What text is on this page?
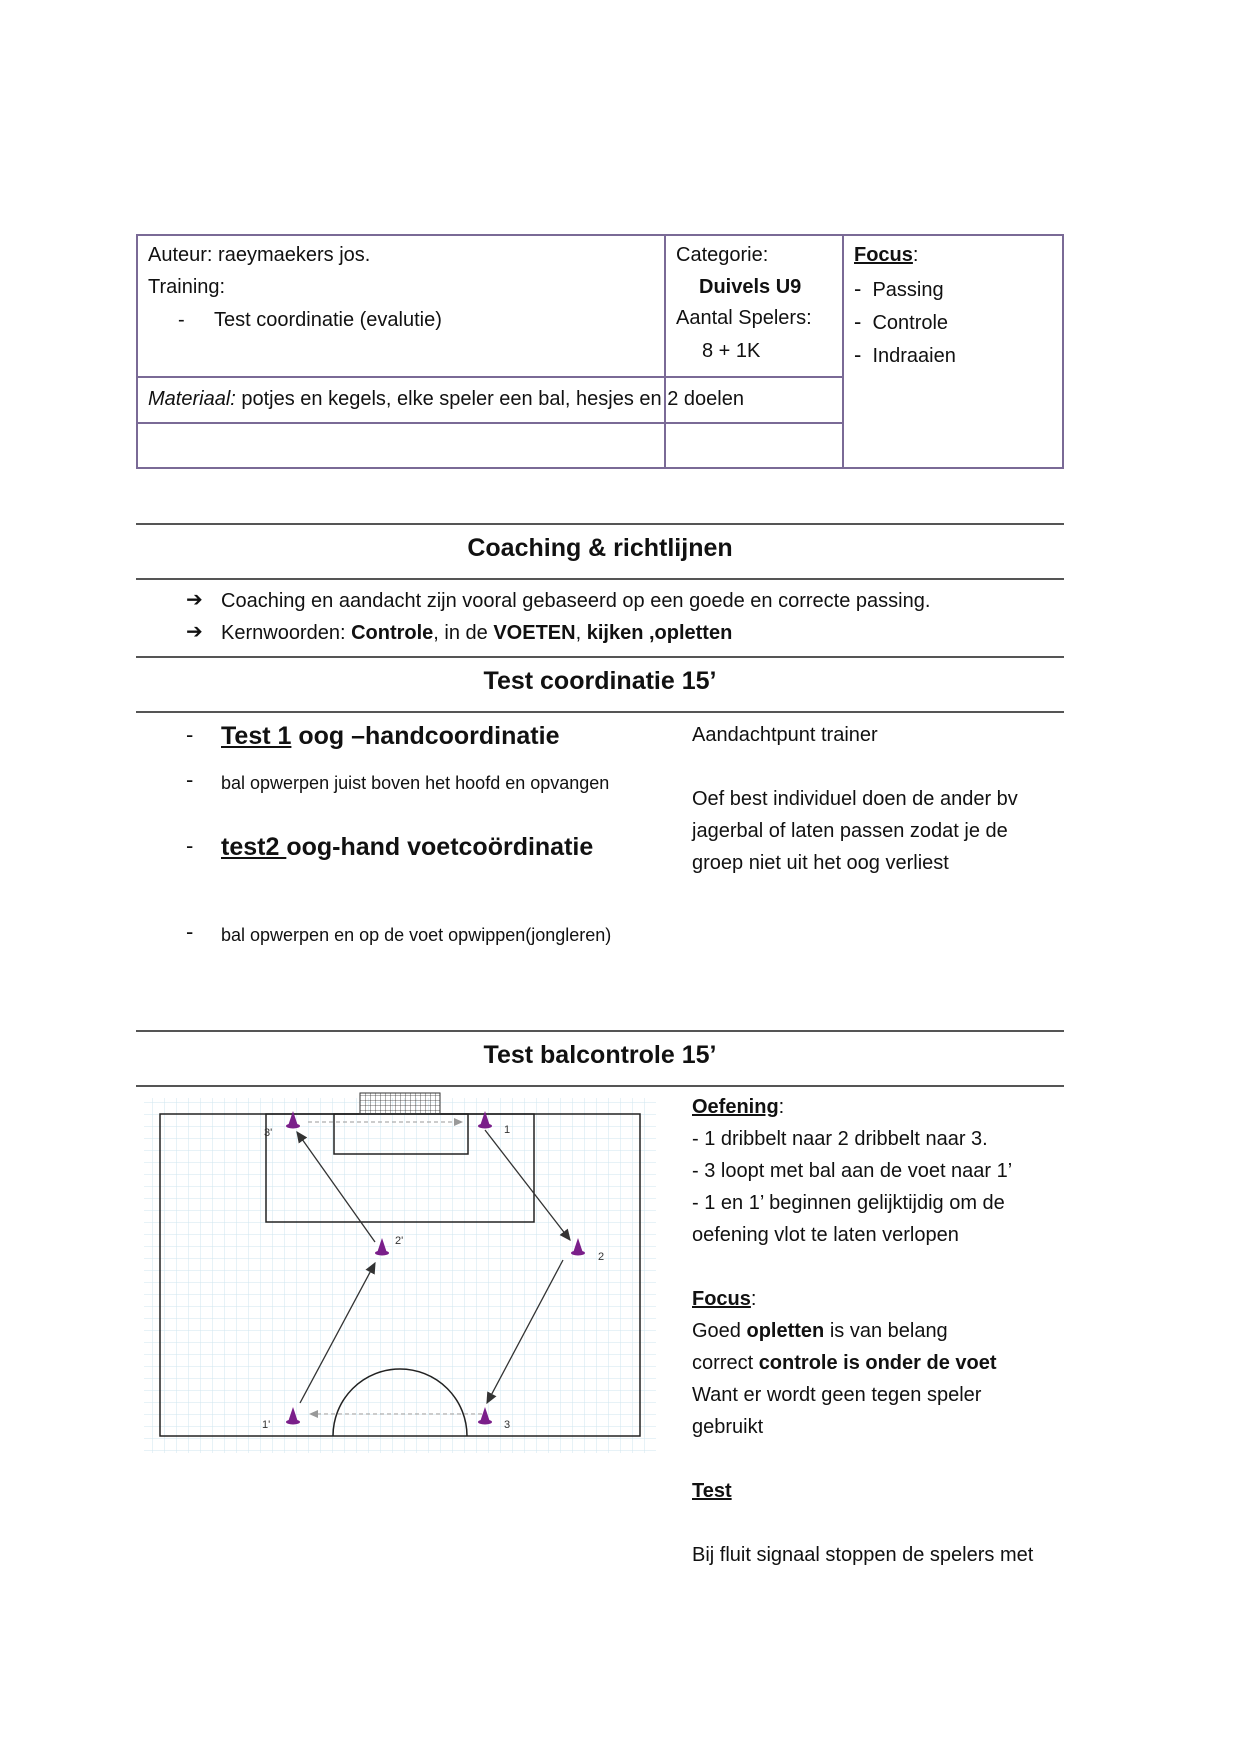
Auteur: raeymaekers jos.
Training:
- Test coordinatie (evalutie)
Categorie:
Duivels U9
Aantal Spelers:
8 + 1K
Focus:
- Passing
- Controle
- Indraaien
Materiaal: potjes en kegels, elke speler een bal, hesjes en 2 doelen
Coaching & richtlijnen
➔ Coaching en aandacht zijn vooral gebaseerd op een goede en correcte passing.
➔ Kernwoorden: Controle, in de VOETEN, kijken ,opletten
Test coordinatie 15’
- Test 1 oog –handcoordinatie
- bal opwerpen juist boven het hoofd en opvangen
- test2 oog-hand voetcoördinatie
- bal opwerpen en op de voet opwippen(jongleren)
Aandachtpunt trainer
Oef best individuel doen de ander bv
jagerbal of laten passen zodat je de
groep niet uit het oog verliest
Test balcontrole 15’
3'	1
2'
2
1'	3
Oefening:
- 1 dribbelt naar 2 dribbelt naar 3.
- 3 loopt met bal aan de voet naar 1’
- 1 en 1’ beginnen gelijktijdig om de
oefening vlot te laten verlopen
Focus:
Goed opletten is van belang
correct controle is onder de voet
Want er wordt geen tegen speler
gebruikt
Test
Bij fluit signaal stoppen de spelers met
